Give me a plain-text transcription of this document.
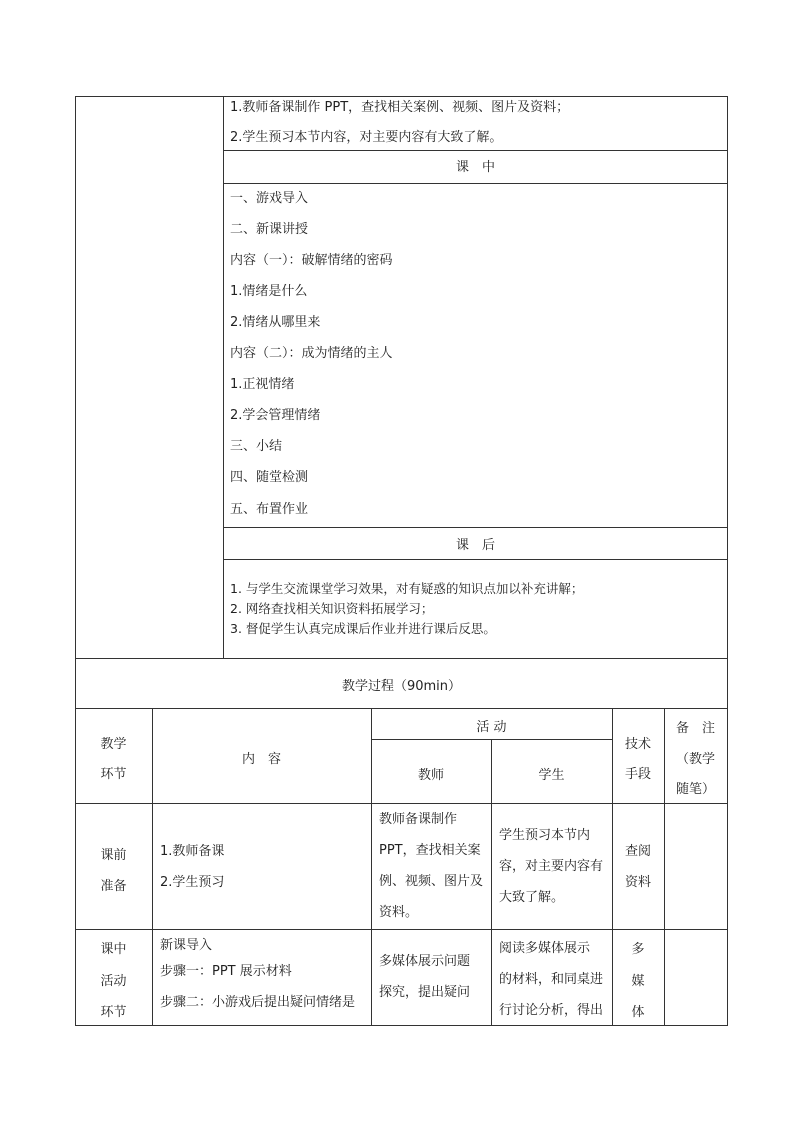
1.教师备课制作 PPT，查找相关案例、视频、图片及资料；
2.学生预习本节内容，对主要内容有大致了解。
课　中
一、游戏导入
二、新课讲授
内容（一）：破解情绪的密码
1.情绪是什么
2.情绪从哪里来
内容（二）：成为情绪的主人
1.正视情绪
2.学会管理情绪
三、小结
四、随堂检测
五、布置作业
课　后
1. 与学生交流课堂学习效果，对有疑惑的知识点加以补充讲解；
2. 网络查找相关知识资料拓展学习；
3. 督促学生认真完成课后作业并进行课后反思。
教学过程（90min）
教学
环节
内　容
活 动
教师	学生
技术
手段
备　注
（教学
随笔）
课前
准备
1.教师备课
2.学生预习
教师备课制作
PPT，查找相关案
例、视频、图片及
资料。
学生预习本节内
容，对主要内容有
大致了解。
查阅
资料
课中
活动
环节
新课导入
步骤一：PPT 展示材料
步骤二：小游戏后提出疑问情绪是
多媒体展示问题
探究，提出疑问
阅读多媒体展示
的材料，和同桌进
行讨论分析，得出
多
媒
体
